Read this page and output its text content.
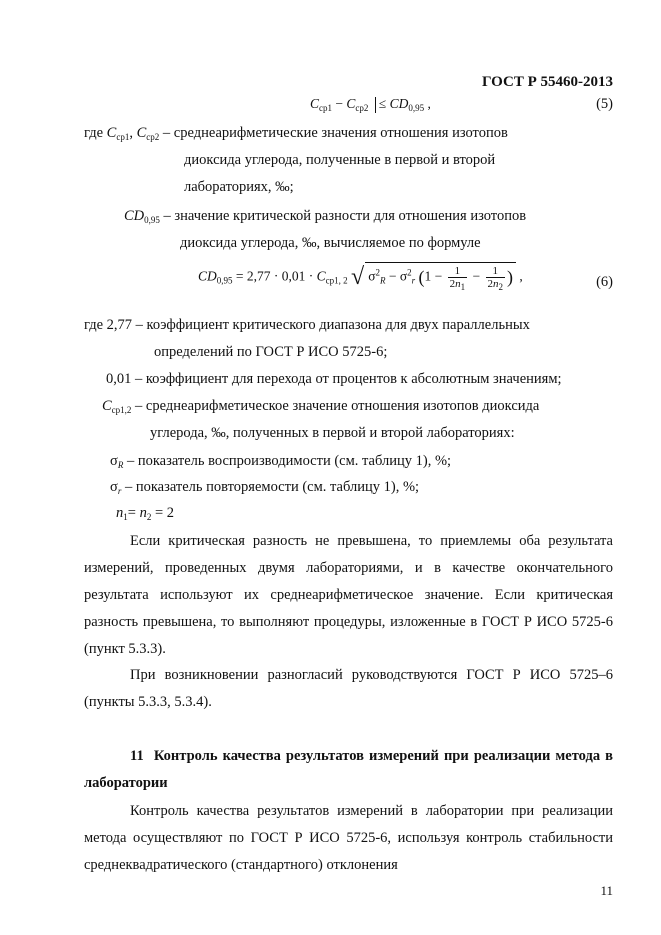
ГОСТ Р 55460-2013
$C_{ср1} - C_{ср2} \le CD_{0,95}$ ,	(5)
где $C_{ср1}$, $C_{ср2}$ – среднеарифметические значения отношения изотопов
диоксида углерода, полученные в первой и второй
лабораториях, ‰;
$CD_{0,95}$ – значение критической разности для отношения изотопов
диоксида углерода, ‰, вычисляемое по формуле
$CD_{0,95} = 2,77 \cdot 0,01 \cdot C_{ср1, 2}$ √ $\sigma^2_R - \sigma^2_r$ ($1 - \frac{1}{2n_1} - \frac{1}{2n_2}$ ) ,	(6)
где 2,77 – коэффициент критического диапазона для двух параллельных
определений по ГОСТ Р ИСО 5725-6;
0,01 – коэффициент для перехода от процентов к абсолютным значениям;
$C_{ср1,2}$ – среднеарифметическое значение отношения изотопов диоксида
углерода, ‰, полученных в первой и второй лабораториях:
$\sigma_R$ – показатель воспроизводимости (см. таблицу 1), %;
$\sigma_r$ – показатель повторяемости (см. таблицу 1), %;
$n_1= n_2 = 2$

Если критическая разность не превышена, то приемлемы оба результата измерений, проведенных двумя лабораториями, и в качестве окончательного результата используют их среднеарифметическое значение. Если критическая разность превышена, то выполняют процедуры, изложенные в ГОСТ Р ИСО 5725-6 (пункт 5.3.3).

При возникновении разногласий руководствуются ГОСТ Р ИСО 5725–6 (пункты 5.3.3, 5.3.4).

11 Контроль качества результатов измерений при реализации метода в лаборатории

Контроль качества результатов измерений в лаборатории при реализации метода осуществляют по ГОСТ Р ИСО 5725-6, используя контроль стабильности среднеквадратического (стандартного) отклонения

11
